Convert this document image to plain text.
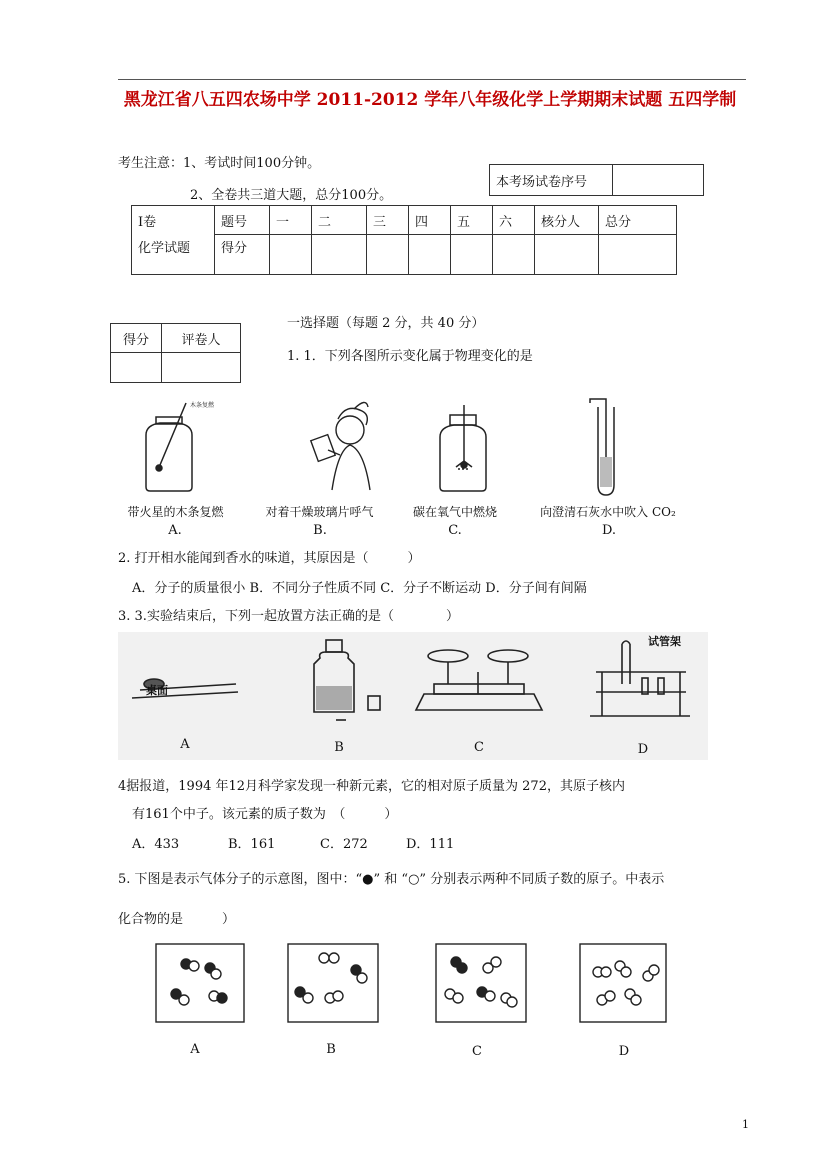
黑龙江省八五四农场中学 2011-2012 学年八年级化学上学期期末试题 五四学制
考生注意：1、考试时间100分钟。
2、全卷共三道大题，总分100分。
本考场试卷序号	
Ⅰ卷	题号	一	二	三	四	五	六	核分人	总分
化学试题	得分								
得分	评卷人

一选择题（每题 2 分，共 40 分）
1. 1．下列各图所示变化属于物理变化的是
木条复燃
带火星的木条复燃	对着干燥玻璃片呼气	碳在氧气中燃烧	向澄清石灰水中吹入 CO₂
A.	B.	C.	D.
2. 打开相水能闻到香水的味道，其原因是（　　　）
A．分子的质量很小 B．不同分子性质不同 C．分子不断运动 D．分子间有间隔
3. 3.实验结束后，下列一起放置方法正确的是（　　　　）
桌面
试管架
A	B	C	D
4据报道，1994 年12月科学家发现一种新元素，它的相对原子质量为 272，其原子核内
有161个中子。该元素的质子数为　（　　　）
A．433	B．161	C．272	D．111
5. 下图是表示气体分子的示意图，图中：“●” 和 “○” 分别表示两种不同质子数的原子。中表示
化合物的是　　　）
A	B	C	D
1
